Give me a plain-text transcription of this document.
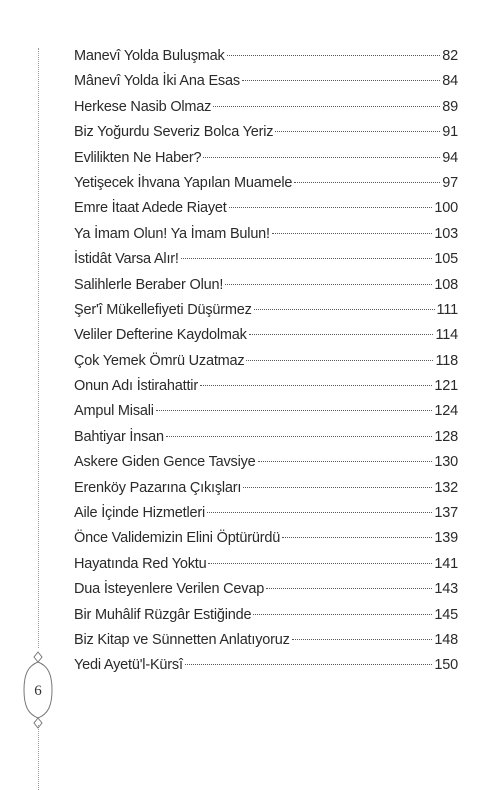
6
Manevî Yolda Buluşmak	82
Mânevî Yolda İki Ana Esas	84
Herkese Nasib Olmaz	89
Biz Yoğurdu Severiz Bolca Yeriz	91
Evlilikten Ne Haber?	94
Yetişecek İhvana Yapılan Muamele	97
Emre İtaat Adede Riayet	100
Ya İmam Olun! Ya İmam Bulun!	103
İstidât Varsa Alır!	105
Salihlerle Beraber Olun!	108
Şer'î Mükellefiyeti Düşürmez	111
Veliler Defterine Kaydolmak	114
Çok Yemek Ömrü Uzatmaz	118
Onun Adı İstirahattir	121
Ampul Misali	124
Bahtiyar İnsan	128
Askere Giden Gence Tavsiye	130
Erenköy Pazarına Çıkışları	132
Aile İçinde Hizmetleri	137
Önce Validemizin Elini Öptürürdü	139
Hayatında Red Yoktu	141
Dua İsteyenlere Verilen Cevap	143
Bir Muhâlif Rüzgâr Estiğinde	145
Biz Kitap ve Sünnetten Anlatıyoruz	148
Yedi Ayetü'l-Kürsî	150
